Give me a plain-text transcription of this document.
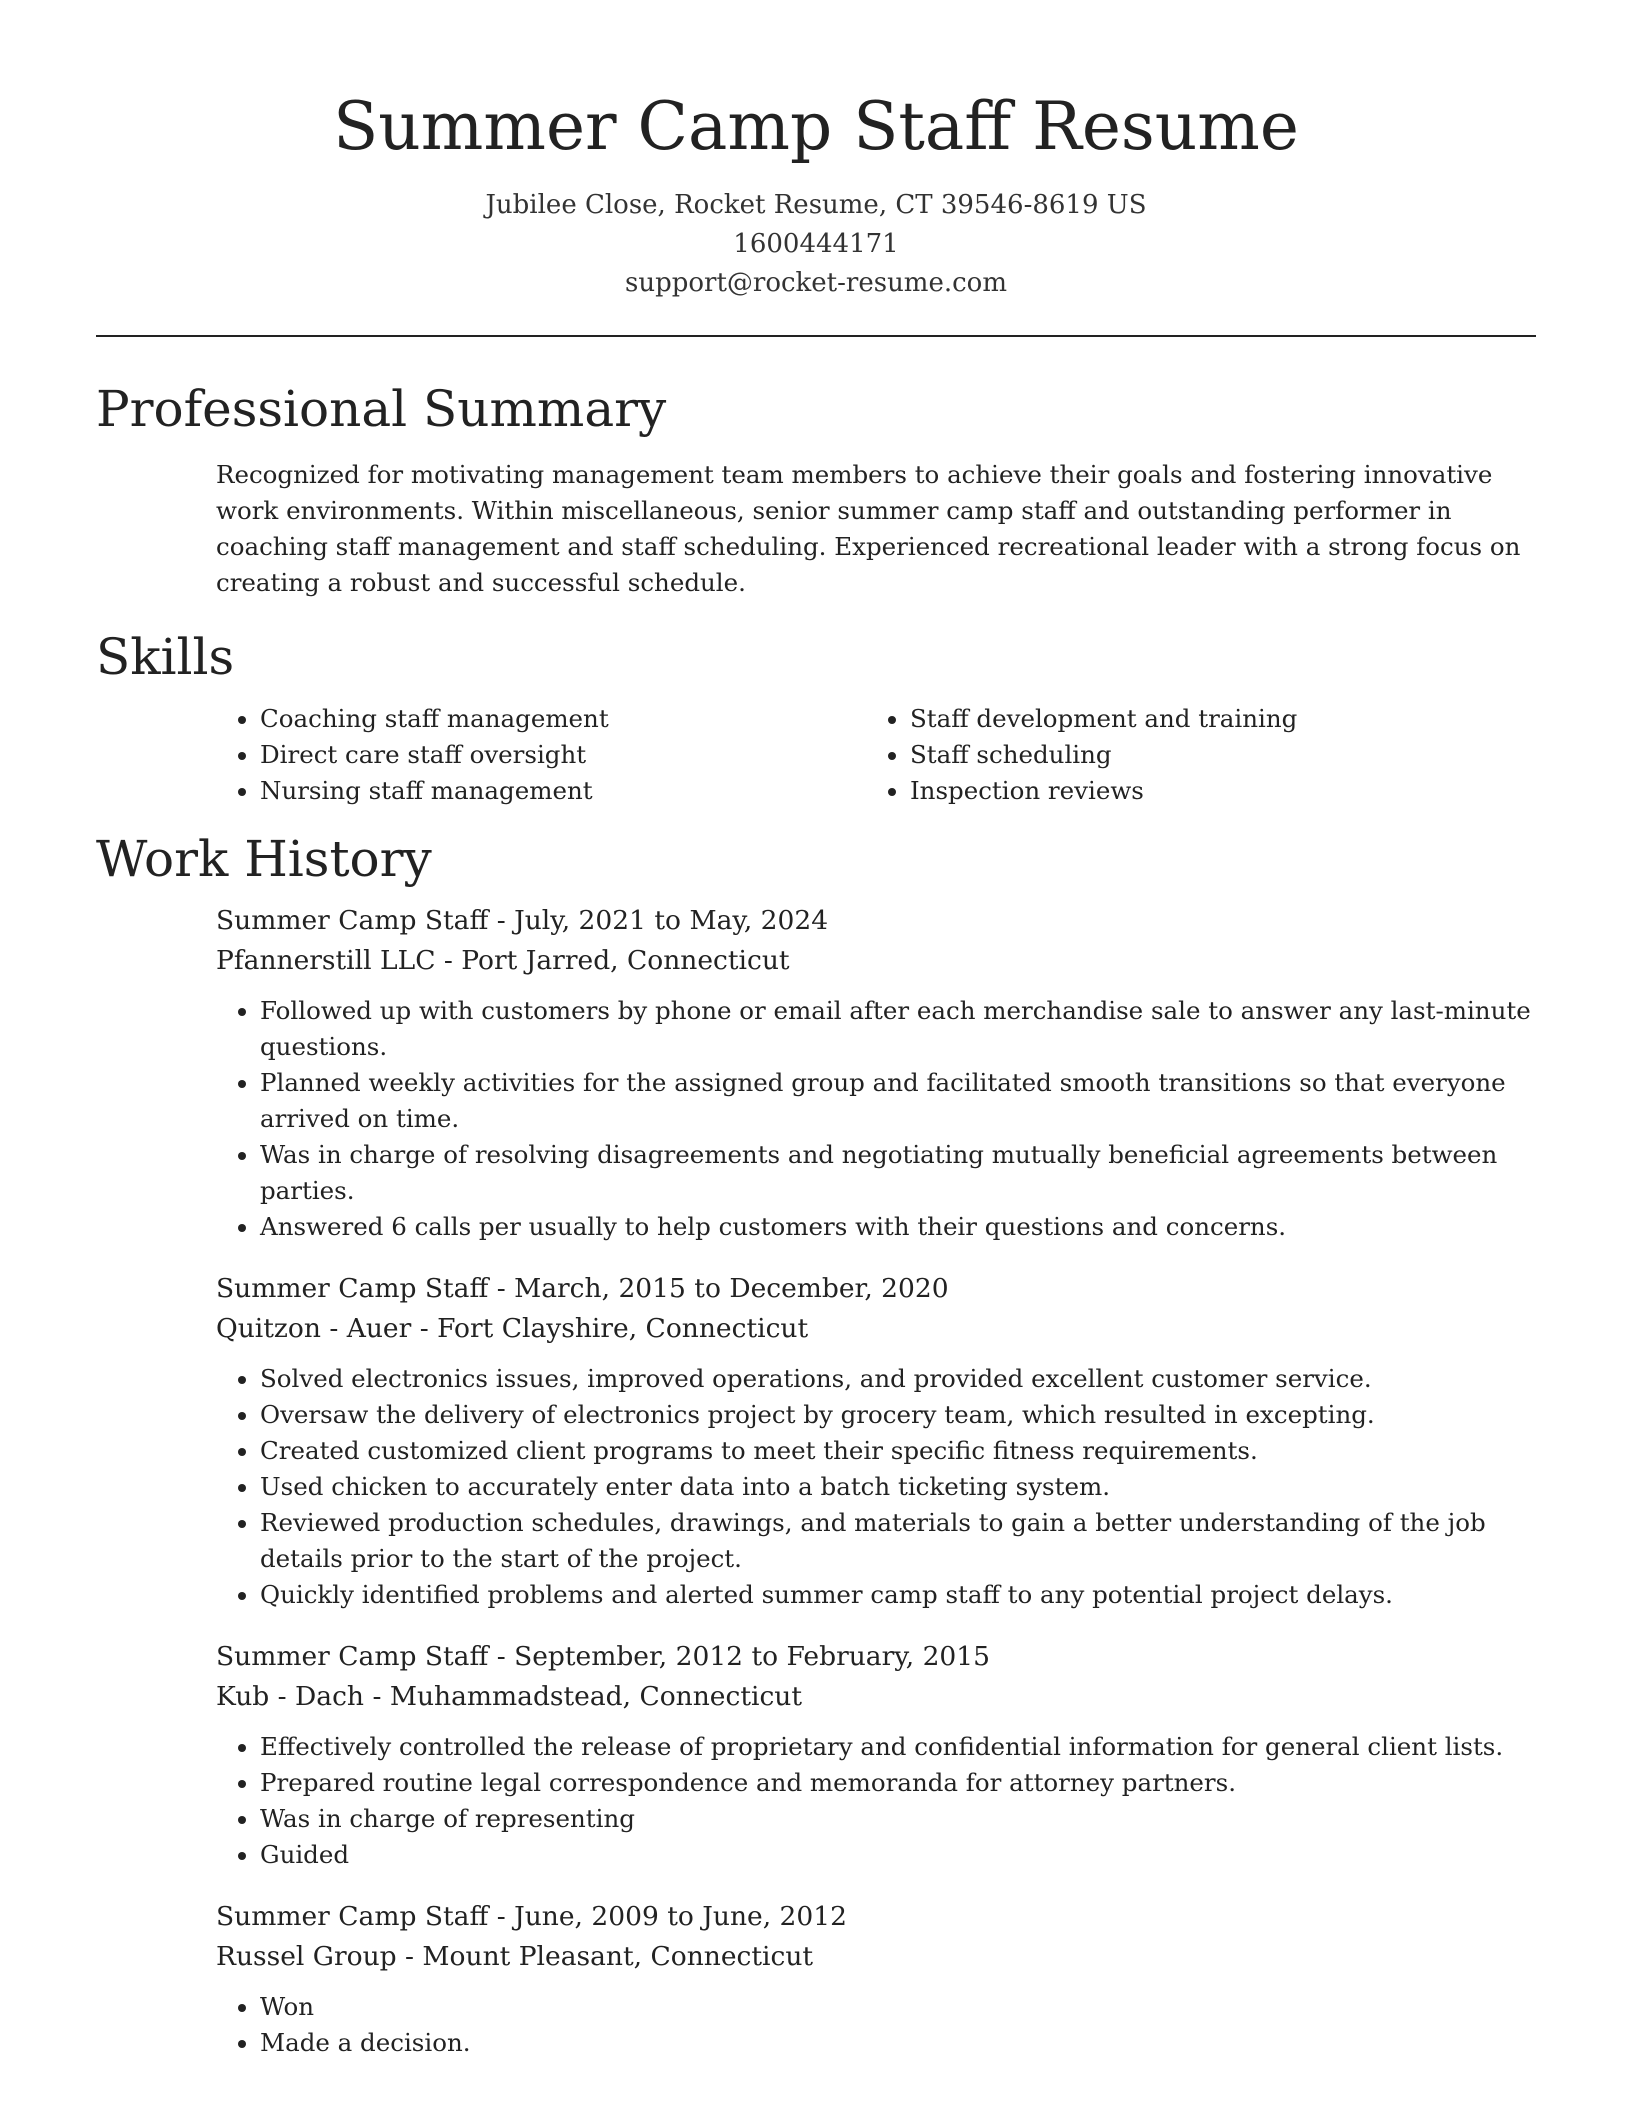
Summer Camp Staff Resume
Jubilee Close, Rocket Resume, CT 39546-8619 US
1600444171
support@rocket-resume.com
Professional Summary
Recognized for motivating management team members to achieve their goals and fostering innovative work environments. Within miscellaneous, senior summer camp staff and outstanding performer in coaching staff management and staff scheduling. Experienced recreational leader with a strong focus on creating a robust and successful schedule.
Skills
• Coaching staff management
• Direct care staff oversight
• Nursing staff management
• Staff development and training
• Staff scheduling
• Inspection reviews
Work History
Summer Camp Staff - July, 2021 to May, 2024
Pfannerstill LLC - Port Jarred, Connecticut
• Followed up with customers by phone or email after each merchandise sale to answer any last-minute questions.
• Planned weekly activities for the assigned group and facilitated smooth transitions so that everyone arrived on time.
• Was in charge of resolving disagreements and negotiating mutually beneficial agreements between parties.
• Answered 6 calls per usually to help customers with their questions and concerns.
Summer Camp Staff - March, 2015 to December, 2020
Quitzon - Auer - Fort Clayshire, Connecticut
• Solved electronics issues, improved operations, and provided excellent customer service.
• Oversaw the delivery of electronics project by grocery team, which resulted in excepting.
• Created customized client programs to meet their specific fitness requirements.
• Used chicken to accurately enter data into a batch ticketing system.
• Reviewed production schedules, drawings, and materials to gain a better understanding of the job details prior to the start of the project.
• Quickly identified problems and alerted summer camp staff to any potential project delays.
Summer Camp Staff - September, 2012 to February, 2015
Kub - Dach - Muhammadstead, Connecticut
• Effectively controlled the release of proprietary and confidential information for general client lists.
• Prepared routine legal correspondence and memoranda for attorney partners.
• Was in charge of representing
• Guided
Summer Camp Staff - June, 2009 to June, 2012
Russel Group - Mount Pleasant, Connecticut
• Won
• Made a decision.
